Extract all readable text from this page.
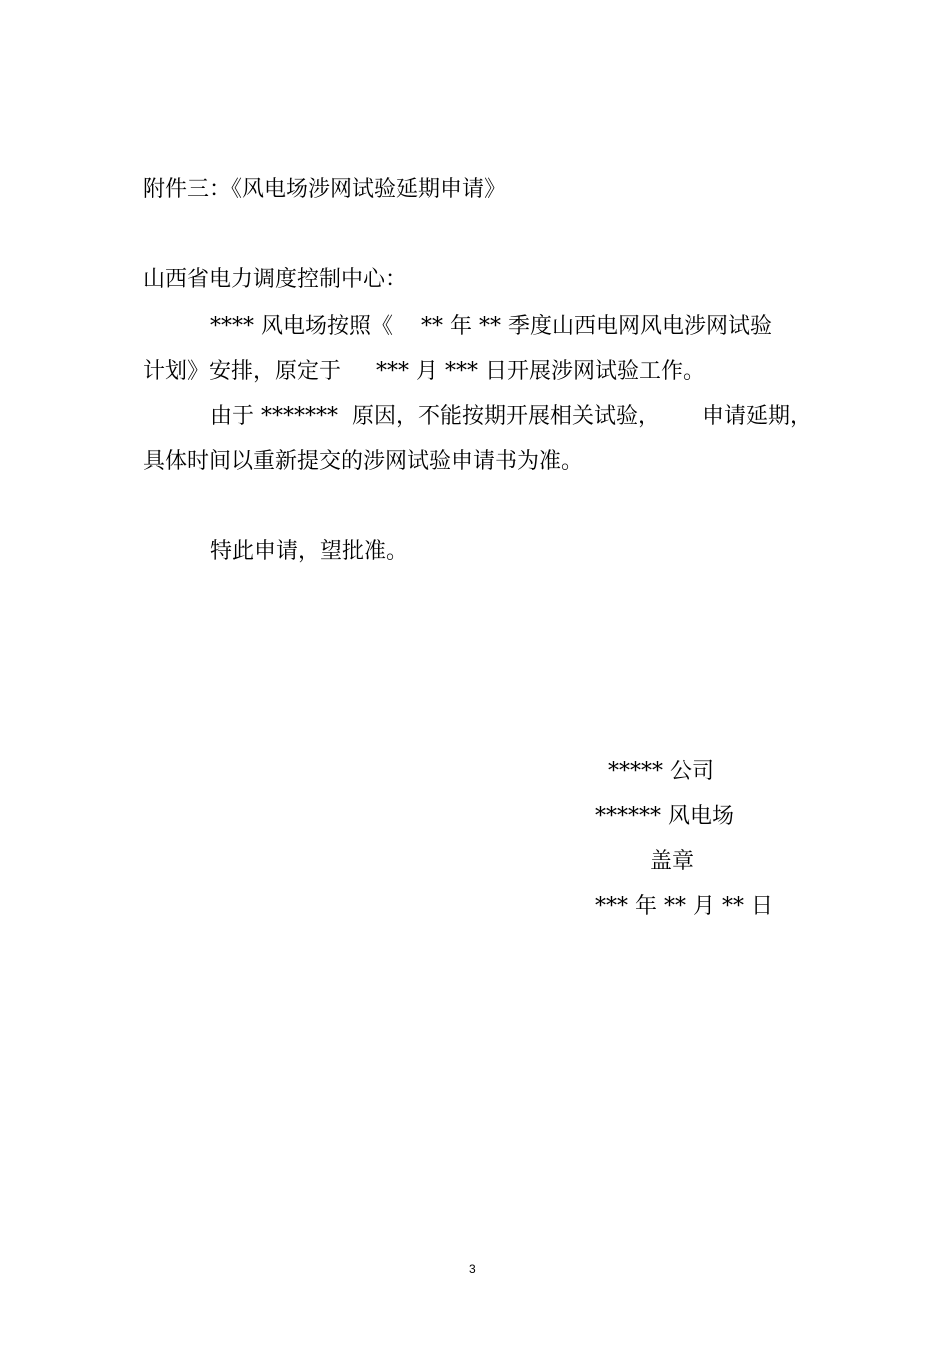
附件三：《风电场涉网试验延期申请》
山西省电力调度控制中心：
**** 风电场按照《    ** 年 ** 季度山西电网风电涉网试验
计划》安排，原定于     *** 月 *** 日开展涉网试验工作。
由于 *******  原因，不能按期开展相关试验，      申请延期，
具体时间以重新提交的涉网试验申请书为准。
特此申请，望批准。
***** 公司
****** 风电场
盖章
*** 年 ** 月 ** 日
3
